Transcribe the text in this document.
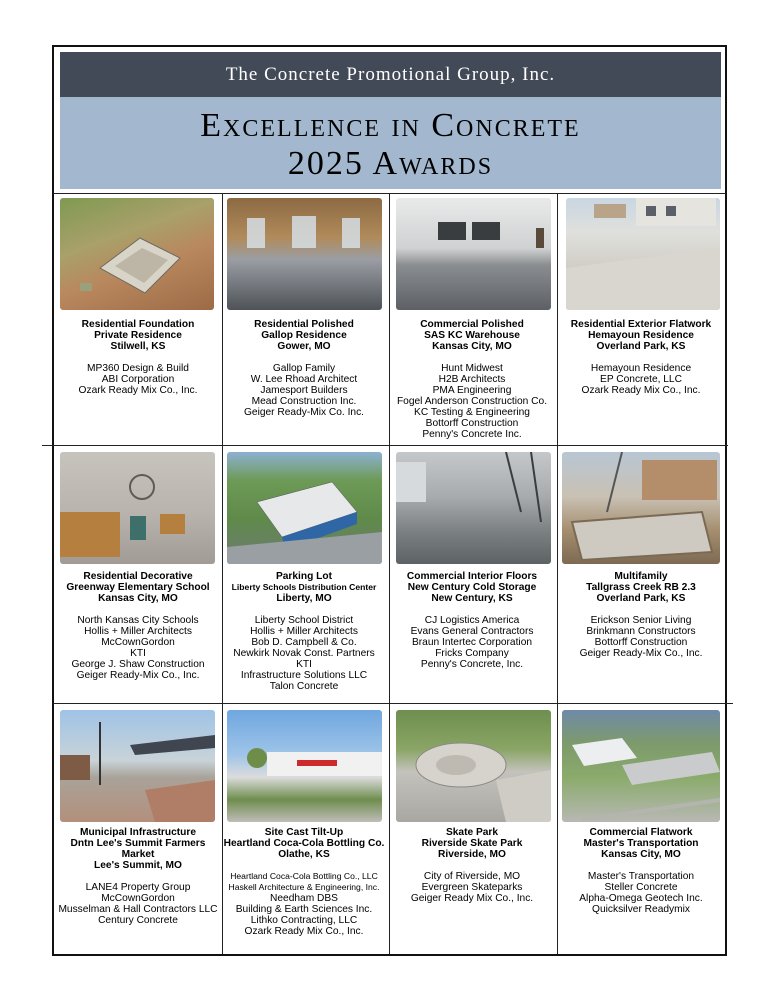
The Concrete Promotional Group, Inc.
Excellence in Concrete
2025 Awards
Residential Foundation
Private Residence
Stilwell, KS
MP360 Design & Build
ABI Corporation
Ozark Ready Mix Co., Inc.
Residential Polished
Gallop Residence
Gower, MO
Gallop Family
W. Lee Rhoad Architect
Jamesport Builders
Mead Construction Inc.
Geiger Ready-Mix Co. Inc.
Commercial Polished
SAS KC Warehouse
Kansas City, MO
Hunt Midwest
H2B Architects
PMA Engineering
Fogel Anderson Construction Co.
KC Testing & Engineering
Bottorff Construction
Penny's Concrete Inc.
Residential Exterior Flatwork
Hemayoun Residence
Overland Park, KS
Hemayoun Residence
EP Concrete, LLC
Ozark Ready Mix Co., Inc.
Residential Decorative
Greenway Elementary School
Kansas City, MO
North Kansas City Schools
Hollis + Miller Architects
McCownGordon
KTI
George J. Shaw Construction
Geiger Ready-Mix Co., Inc.
Parking Lot
Liberty Schools Distribution Center
Liberty, MO
Liberty School District
Hollis + Miller Architects
Bob D. Campbell & Co.
Newkirk Novak Const. Partners
KTI
Infrastructure Solutions LLC
Talon Concrete
Commercial Interior Floors
New Century Cold Storage
New Century, KS
CJ Logistics America
Evans General Contractors
Braun Intertec Corporation
Fricks Company
Penny's Concrete, Inc.
Multifamily
Tallgrass Creek RB 2.3
Overland Park, KS
Erickson Senior Living
Brinkmann Constructors
Bottorff Construction
Geiger Ready-Mix Co., Inc.
Municipal Infrastructure
Dntn Lee's Summit Farmers Market
Lee's Summit, MO
LANE4 Property Group
McCownGordon
Musselman & Hall Contractors LLC
Century Concrete
Site Cast Tilt-Up
Heartland Coca-Cola Bottling Co.
Olathe, KS
Heartland Coca-Cola Bottling Co., LLC
Haskell Architecture & Engineering, Inc.
Needham DBS
Building & Earth Sciences Inc.
Lithko Contracting, LLC
Ozark Ready Mix Co., Inc.
Skate Park
Riverside Skate Park
Riverside, MO
City of Riverside, MO
Evergreen Skateparks
Geiger Ready Mix Co., Inc.
Commercial Flatwork
Master's Transportation
Kansas City, MO
Master's Transportation
Steller Concrete
Alpha-Omega Geotech Inc.
Quicksilver Readymix
